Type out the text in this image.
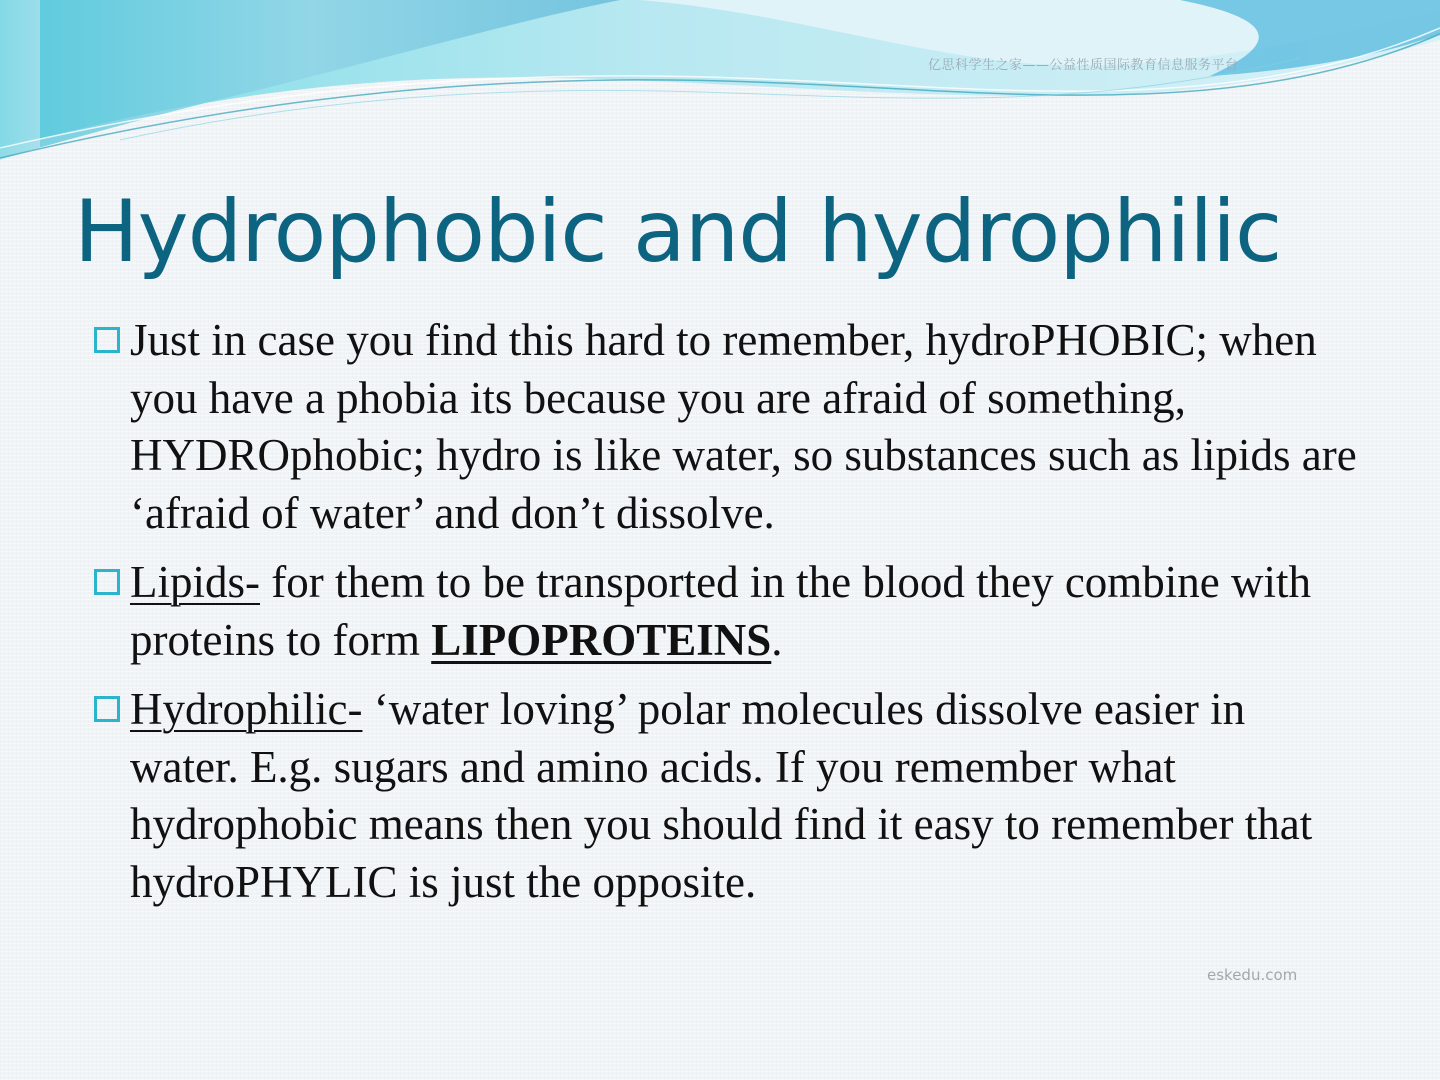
亿思科学生之家——公益性质国际教育信息服务平台
Hydrophobic and hydrophilic
Just in case you find this hard to remember, hydroPHOBIC; when you have a phobia its because you are afraid of something, HYDROphobic; hydro is like water, so substances such as lipids are ‘afraid of water’ and don’t dissolve.
Lipids- for them to be transported in the blood they combine with proteins to form LIPOPROTEINS.
Hydrophilic- ‘water loving’ polar molecules dissolve easier in water. E.g. sugars and amino acids. If you remember what hydrophobic means then you should find it easy to remember that hydroPHYLIC is just the opposite.
eskedu.com
